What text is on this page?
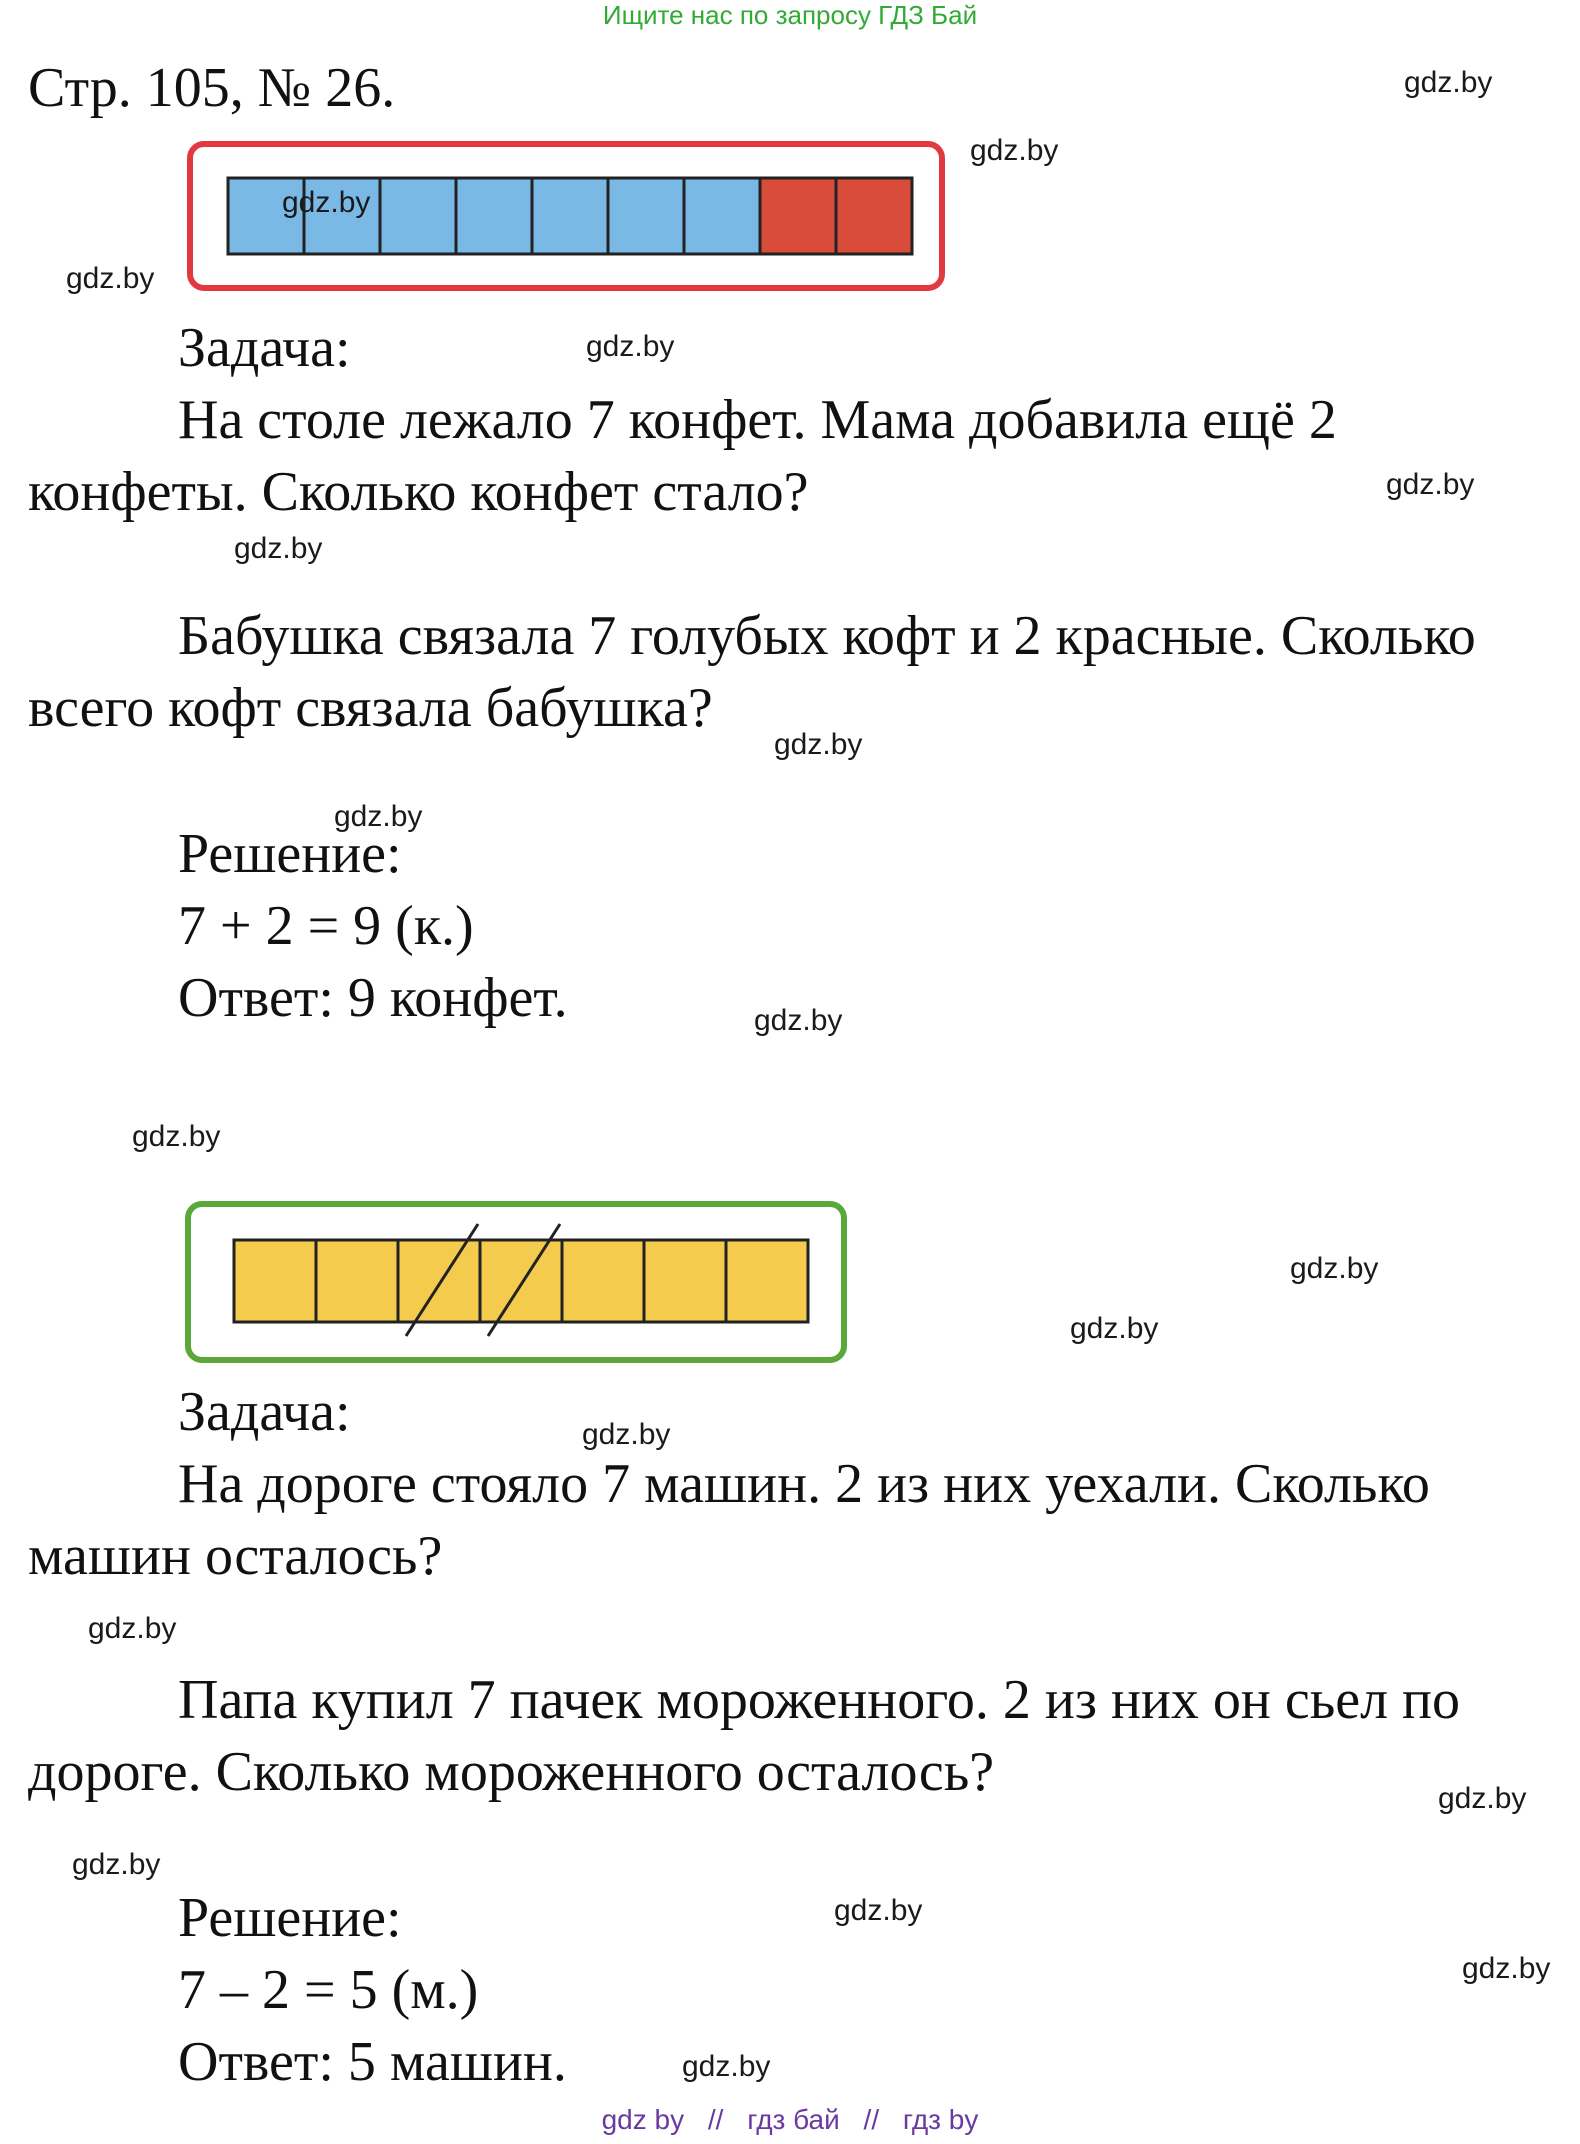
Ищите нас по запросу ГДЗ Бай
Стр. 105, № 26.
Задача:
На столе лежало 7 конфет. Мама добавила ещё 2
конфеты. Сколько конфет стало?
Бабушка связала 7 голубых кофт и 2 красные. Сколько
всего кофт связала бабушка?
Решение:
7 + 2 = 9 (к.)
Ответ: 9 конфет.
Задача:
На дороге стояло 7 машин. 2 из них уехали. Сколько
машин осталось?
Папа купил 7 пачек мороженного. 2 из них он сьел по
дороге. Сколько мороженного осталось?
Решение:
7 – 2 = 5 (м.)
Ответ: 5 машин.
gdz.by
gdz.by
gdz.by
gdz.by
gdz.by
gdz.by
gdz.by
gdz.by
gdz.by
gdz.by
gdz.by
gdz.by
gdz.by
gdz.by
gdz.by
gdz.by
gdz.by
gdz.by
gdz.by
gdz.by
gdz by // гдз бай // гдз by
